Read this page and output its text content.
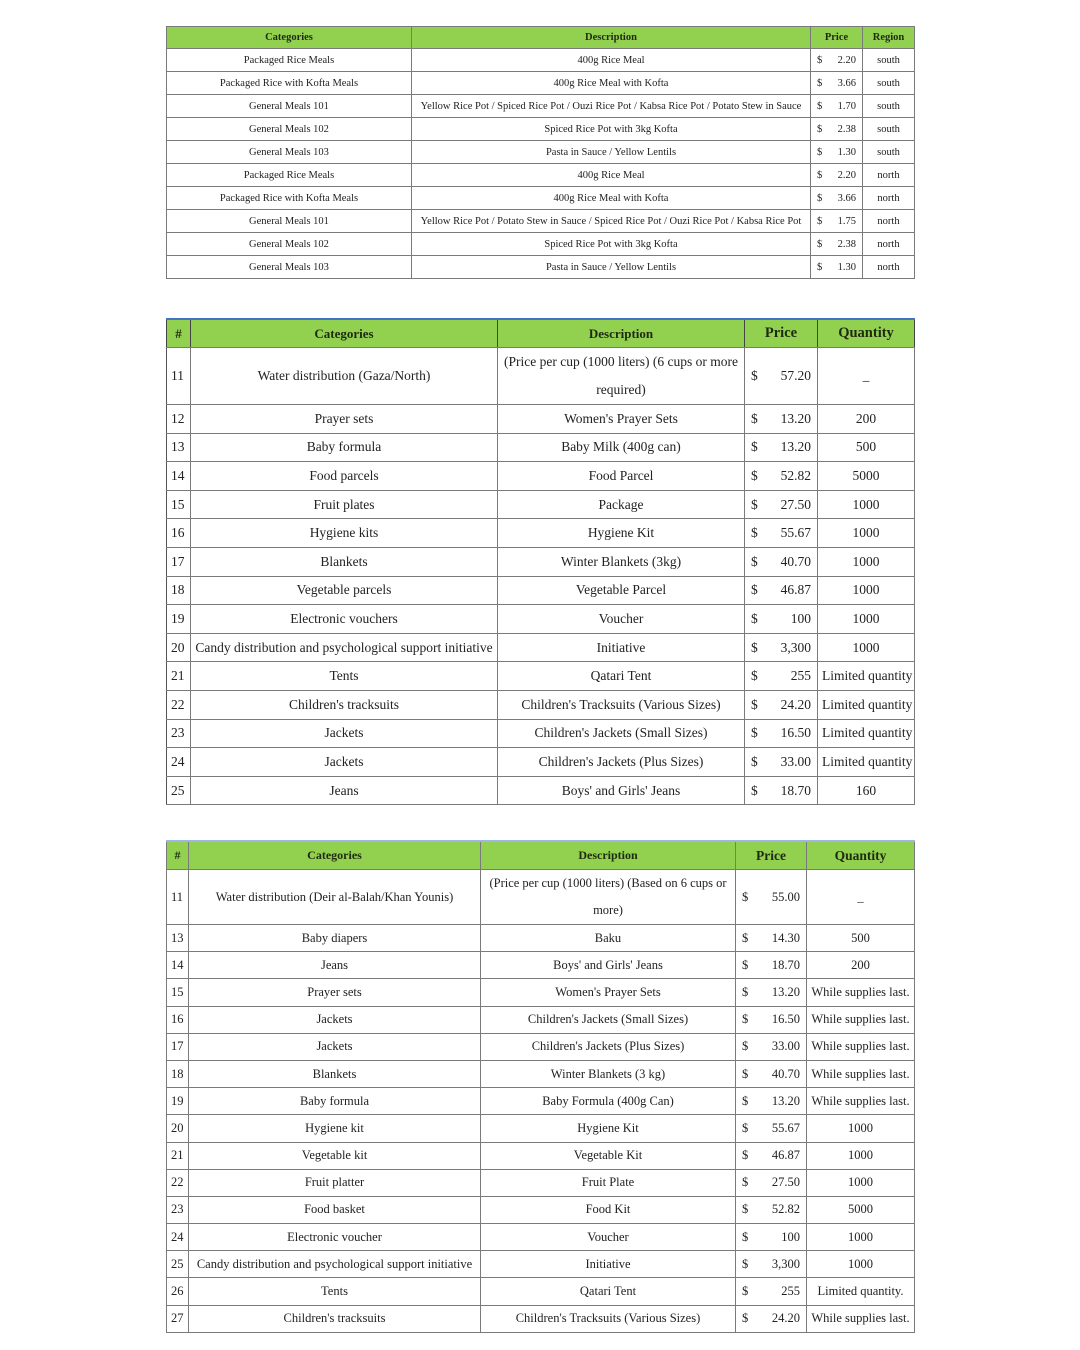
Categories	Description	Price	Region
Packaged Rice Meals	400g Rice Meal	$ 2.20	south
Packaged Rice with Kofta Meals	400g Rice Meal with Kofta	$ 3.66	south
General Meals 101	Yellow Rice Pot / Spiced Rice Pot / Ouzi Rice Pot / Kabsa Rice Pot / Potato Stew in Sauce	$ 1.70	south
General Meals 102	Spiced Rice Pot with 3kg Kofta	$ 2.38	south
General Meals 103	Pasta in Sauce / Yellow Lentils	$ 1.30	south
Packaged Rice Meals	400g Rice Meal	$ 2.20	north
Packaged Rice with Kofta Meals	400g Rice Meal with Kofta	$ 3.66	north
General Meals 101	Yellow Rice Pot / Potato Stew in Sauce / Spiced Rice Pot / Ouzi Rice Pot / Kabsa Rice Pot	$ 1.75	north
General Meals 102	Spiced Rice Pot with 3kg Kofta	$ 2.38	north
General Meals 103	Pasta in Sauce / Yellow Lentils	$ 1.30	north
#	Categories	Description	Price	Quantity
11	Water distribution (Gaza/North)	(Price per cup (1000 liters) (6 cups or more required)	$ 57.20	_
12	Prayer sets	Women's Prayer Sets	$ 13.20	200
13	Baby formula	Baby Milk (400g can)	$ 13.20	500
14	Food parcels	Food Parcel	$ 52.82	5000
15	Fruit plates	Package	$ 27.50	1000
16	Hygiene kits	Hygiene Kit	$ 55.67	1000
17	Blankets	Winter Blankets (3kg)	$ 40.70	1000
18	Vegetable parcels	Vegetable Parcel	$ 46.87	1000
19	Electronic vouchers	Voucher	$ 100	1000
20	Candy distribution and psychological support initiative	Initiative	$ 3,300	1000
21	Tents	Qatari Tent	$ 255	Limited quantity
22	Children's tracksuits	Children's Tracksuits (Various Sizes)	$ 24.20	Limited quantity
23	Jackets	Children's Jackets (Small Sizes)	$ 16.50	Limited quantity
24	Jackets	Children's Jackets (Plus Sizes)	$ 33.00	Limited quantity
25	Jeans	Boys' and Girls' Jeans	$ 18.70	160
#	Categories	Description	Price	Quantity
11	Water distribution (Deir al-Balah/Khan Younis)	(Price per cup (1000 liters) (Based on 6 cups or more)	$ 55.00	_
13	Baby diapers	Baku	$ 14.30	500
14	Jeans	Boys' and Girls' Jeans	$ 18.70	200
15	Prayer sets	Women's Prayer Sets	$ 13.20	While supplies last.
16	Jackets	Children's Jackets (Small Sizes)	$ 16.50	While supplies last.
17	Jackets	Children's Jackets (Plus Sizes)	$ 33.00	While supplies last.
18	Blankets	Winter Blankets (3 kg)	$ 40.70	While supplies last.
19	Baby formula	Baby Formula (400g Can)	$ 13.20	While supplies last.
20	Hygiene kit	Hygiene Kit	$ 55.67	1000
21	Vegetable kit	Vegetable Kit	$ 46.87	1000
22	Fruit platter	Fruit Plate	$ 27.50	1000
23	Food basket	Food Kit	$ 52.82	5000
24	Electronic voucher	Voucher	$ 100	1000
25	Candy distribution and psychological support initiative	Initiative	$ 3,300	1000
26	Tents	Qatari Tent	$ 255	Limited quantity.
27	Children's tracksuits	Children's Tracksuits (Various Sizes)	$ 24.20	While supplies last.
